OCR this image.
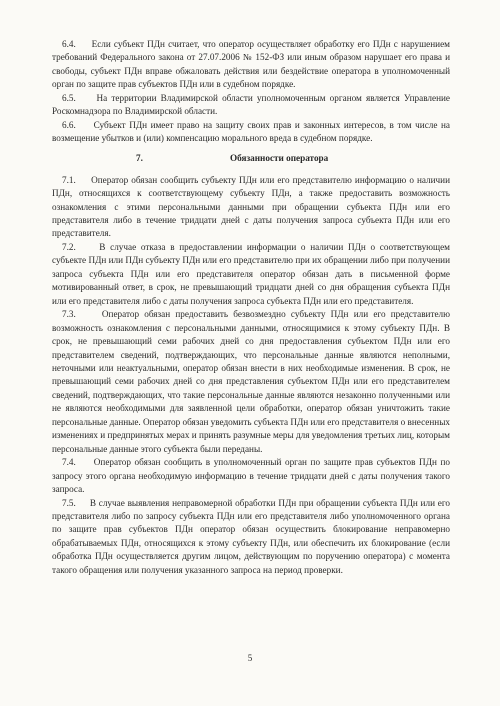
6.4.     Если субъект ПДн считает, что оператор осуществляет обработку его ПДн с нарушением требований Федерального закона от 27.07.2006 № 152-ФЗ или иным образом нарушает его права и свободы, субъект ПДн вправе обжаловать действия или бездействие оператора в уполномоченный орган по защите прав субъектов ПДн или в судебном порядке.

6.5.     На территории Владимирской области уполномоченным органом является Управление Роскомнадзора по Владимирской области.

6.6.     Субъект ПДн имеет право на защиту своих прав и законных интересов, в том числе на возмещение убытков и (или) компенсацию морального вреда в судебном порядке.

7.	Обязанности оператора

7.1.     Оператор обязан сообщить субъекту ПДн или его представителю информацию о наличии ПДн, относящихся к соответствующему субъекту ПДн, а также предоставить возможность ознакомления с этими персональными данными при обращении субъекта ПДн или его представителя либо в течение тридцати дней с даты получения запроса субъекта ПДн или его представителя.

7.2.     В случае отказа в предоставлении информации о наличии ПДн о соответствующем субъекте ПДн или ПДн субъекту ПДн или его представителю при их обращении либо при получении запроса субъекта ПДн или его представителя оператор обязан дать в письменной форме мотивированный ответ, в срок, не превышающий тридцати дней со дня обращения субъекта ПДн или его представителя либо с даты получения запроса субъекта ПДн или его представителя.

7.3.     Оператор обязан предоставить безвозмездно субъекту ПДн или его представителю возможность ознакомления с персональными данными, относящимися к этому субъекту ПДн. В срок, не превышающий семи рабочих дней со дня предоставления субъектом ПДн или его представителем сведений, подтверждающих, что персональные данные являются неполными, неточными или неактуальными, оператор обязан внести в них необходимые изменения. В срок, не превышающий семи рабочих дней со дня представления субъектом ПДн или его представителем сведений, подтверждающих, что такие персональные данные являются незаконно полученными или не являются необходимыми для заявленной цели обработки, оператор обязан уничтожить такие персональные данные. Оператор обязан уведомить субъекта ПДн или его представителя о внесенных изменениях и предпринятых мерах и принять разумные меры для уведомления третьих лиц, которым персональные данные этого субъекта были переданы.

7.4.     Оператор обязан сообщить в уполномоченный орган по защите прав субъектов ПДн по запросу этого органа необходимую информацию в течение тридцати дней с даты получения такого запроса.

7.5.     В случае выявления неправомерной обработки ПДн при обращении субъекта ПДн или его представителя либо по запросу субъекта ПДн или его представителя либо уполномоченного органа по защите прав субъектов ПДн оператор обязан осуществить блокирование неправомерно обрабатываемых ПДн, относящихся к этому субъекту ПДн, или обеспечить их блокирование (если обработка ПДн осуществляется другим лицом, действующим по поручению оператора) с момента такого обращения или получения указанного запроса на период проверки.

5
